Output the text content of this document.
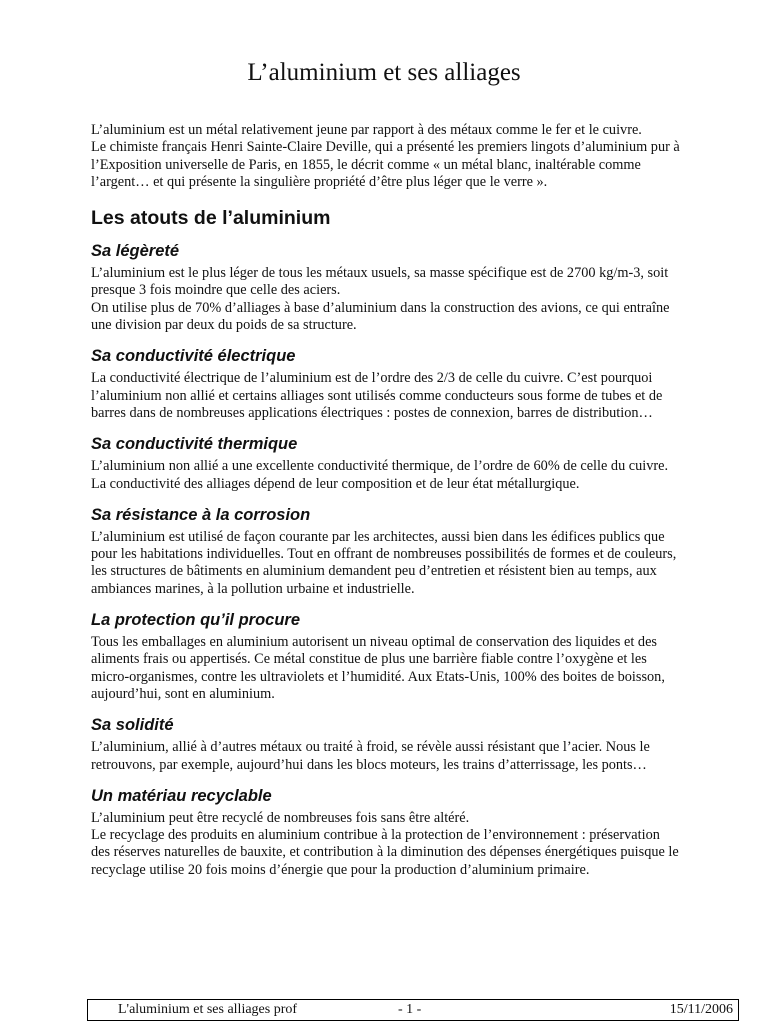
L’aluminium et ses alliages

L’aluminium est un métal relativement jeune par rapport à des métaux comme le fer et le cuivre.
Le chimiste français Henri Sainte-Claire Deville, qui a présenté les premiers lingots d’aluminium pur à
l’Exposition universelle de Paris, en 1855, le décrit comme « un métal blanc, inaltérable comme
l’argent… et qui présente la singulière propriété d’être plus léger que le verre ».

Les atouts de l’aluminium
Sa légèreté

L’aluminium est le plus léger de tous les métaux usuels, sa masse spécifique est de 2700 kg/m-3, soit
presque 3 fois moindre que celle des aciers.
On utilise plus de 70% d’alliages à base d’aluminium dans la construction des avions, ce qui entraîne
une division par deux du poids de sa structure.

Sa conductivité électrique

La conductivité électrique de l’aluminium est de l’ordre des 2/3 de celle du cuivre. C’est pourquoi
l’aluminium non allié et certains alliages sont utilisés comme conducteurs sous forme de tubes et de
barres dans de nombreuses applications électriques : postes de connexion, barres de distribution…

Sa conductivité thermique

L’aluminium non allié a une excellente conductivité thermique, de l’ordre de 60% de celle du cuivre.
La conductivité des alliages dépend de leur composition et de leur état métallurgique.

Sa résistance à la corrosion

L’aluminium est utilisé de façon courante par les architectes, aussi bien dans les édifices publics que
pour les habitations individuelles. Tout en offrant de nombreuses possibilités de formes et de couleurs,
les structures de bâtiments en aluminium demandent peu d’entretien et résistent bien au temps, aux
ambiances marines, à la pollution urbaine et industrielle.

La protection qu’il procure

Tous les emballages en aluminium autorisent un niveau optimal de conservation des liquides et des
aliments frais ou appertisés. Ce métal constitue de plus une barrière fiable contre l’oxygène et les
micro-organismes, contre les ultraviolets et l’humidité. Aux Etats-Unis, 100% des boites de boisson,
aujourd’hui, sont en aluminium.

Sa solidité

L’aluminium, allié à d’autres métaux ou traité à froid, se révèle aussi résistant que l’acier. Nous le
retrouvons, par exemple, aujourd’hui dans les blocs moteurs, les trains d’atterrissage, les ponts…

Un matériau recyclable

L’aluminium peut être recyclé de nombreuses fois sans être altéré.
Le recyclage des produits en aluminium contribue à la protection de l’environnement : préservation
des réserves naturelles de bauxite, et contribution à la diminution des dépenses énergétiques puisque le
recyclage utilise 20 fois moins d’énergie que pour la production d’aluminium primaire.

L'aluminium et ses alliages prof	- 1 -	15/11/2006
